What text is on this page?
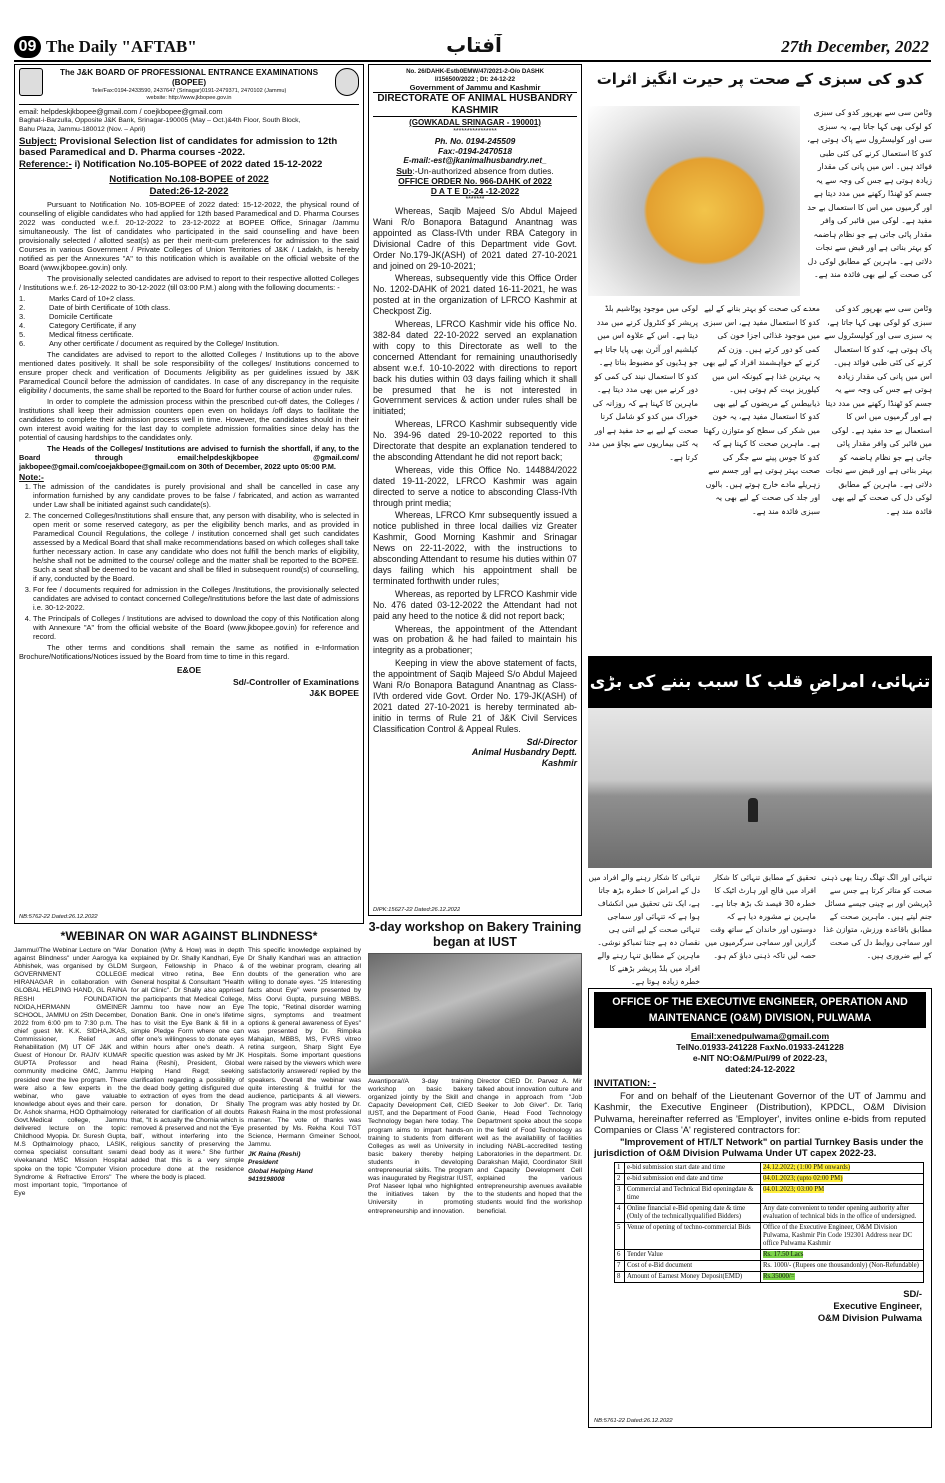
09 The Daily "AFTAB"	آفتاب	27th December, 2022
The J&K BOARD OF PROFESSIONAL ENTRANCE EXAMINATIONS
(BOPEE)
Tele/Fax:0194-2433590, 2437647 (Srinagar)0191-2479371, 2470102 (Jammu)
website: http://www.jkbopee.gov.in
email: helpdeskjkbopee@gmail.com / coejkbopee@gmail.com
Baghat-i-Barzulla, Opposite J&K Bank, Srinagar-190005 (May – Oct.)&4th Floor, South Block,
Bahu Plaza, Jammu-180012 (Nov. – April)
Subject: Provisional Selection list of candidates for admission to 12th based Paramedical and D. Pharma courses -2022.
Reference:- i) Notification No.105-BOPEE of 2022 dated 15-12-2022
Notification No.108-BOPEE of 2022
Dated:26-12-2022

Pursuant to Notification No. 105-BOPEE of 2022 dated: 15-12-2022, the physical round of counselling of eligible candidates who had applied for 12th based Paramedical and D. Pharma Courses 2022 was conducted w.e.f. 20-12-2022 to 23-12-2022 at BOPEE Office, Srinagar /Jammu simultaneously. The list of candidates who participated in the said counselling and have been provisionally selected / allotted seat(s) as per their merit-cum preferences for admission to the said Courses in various Government / Private Colleges of Union Territories of J&K / Ladakh, is hereby notified as per the Annexures "A" to this notification which is available on the official website of the Board (www.jkbopee.gov.in) only.

The provisionally selected candidates are advised to report to their respective allotted Colleges / Institutions w.e.f. 26-12-2022 to 30-12-2022 (till 03:00 P.M.) along with the following documents: -

1.	Marks Card of 10+2 class.
2.	Date of birth Certificate of 10th class.
3.	Domicile Certificate
4.	Category Certificate, if any
5.	Medical fitness certificate.
6.	Any other certificate / document as required by the College/ Institution.

The candidates are advised to report to the allotted Colleges / Institutions up to the above mentioned dates positively. It shall be sole responsibility of the colleges/ Institutions concerned to ensure proper check and verification of Documents /eligibility as per guidelines issued by J&K Paramedical Council before the admission of candidates. In case of any discrepancy in the requisite eligibility / documents, the same shall be reported to the Board for further course of action under rules.

In order to complete the admission process within the prescribed cut-off dates, the Colleges / Institutions shall keep their admission counters open even on holidays /off days to facilitate the candidates to complete their admission process well in time. However, the candidates should in their own interest avoid waiting for the last day to complete admission formalities since delay has the potential of causing hardships to the candidates only.

The Heads of the Colleges/ Institutions are advised to furnish the shortfall, if any, to the Board through email:helpdeskjkbopee @gmail.com/ jakbopee@gmail.com/coejakbopee@gmail.com on 30th of December, 2022 upto 05:00 P.M.

Note:-
1. The admission of the candidates is purely provisional and shall be cancelled in case any information furnished by any candidate proves to be false / fabricated, and action as warranted under Law shall be initiated against such candidate(s).
2. The concerned Colleges/Institutions shall ensure that, any person with disability, who is selected in open merit or some reserved category, as per the eligibility bench marks, and as provided in Paramedical Council Regulations, the college / institution concerned shall get such candidates assessed by a Medical Board that shall make recommendations based on which colleges shall take further necessary action. In case any candidate who does not fulfill the bench marks of eligibility, he/she shall not be admitted to the course/ college and the matter shall be reported to the BOPEE. Such a seat shall be deemed to be vacant and shall be filled in subsequent round(s) of counselling, if any, conducted by the Board.
3. For fee / documents required for admission in the Colleges /Institutions, the provisionally selected candidates are advised to contact concerned College/Institutions before the last date of admissions i.e. 30-12-2022.
4. The Principals of Colleges / Institutions are advised to download the copy of this Notification along with Annexure "A" from the official website of the Board (www.jkbopee.gov.in) for reference and record.

The other terms and conditions shall remain the same as notified in e-Information Brochure/Notifications/Notices issued by the Board from time to time in this regard.

E&OE
Sd/-Controller of Examinations
J&K BOPEE
NB:5762-22 Dated:26.12.2022
*WEBINAR ON WAR AGAINST BLINDNESS*
Jammu//The Webinar Lecture on "War against Blindness" under Aarogya ka Abhishek, was organised by GLDM GOVERNMENT COLLEGE HIRANAGAR in collaboration with GLOBAL HELPING HAND, GL RAINA RESHI FOUNDATION NOIDA,HERMANN GMEINER SCHOOL, JAMMU on 25th December, 2022 from 6:00 pm to 7:30 p.m. The chief guest Mr. K.K. SIDHA,JKAS, Commissioner, Relief and Rehabilitation (M) UT OF J&K and Guest of Honour Dr. RAJIV KUMAR GUPTA Professor and head community medicine GMC, Jammu presided over the live program. There were also a few experts in the webinar, who gave valuable knowledge about eyes and their care. Dr. Ashok sharma, HOD Opthalmology Govt.Medical college, Jammu delivered lecture on the topic: Childhood Myopia. Dr. Suresh Gupta, M.S Opthalmology phaco, LASIK, cornea specialist consultant swami vivekanand MSC Mission Hospital spoke on the topic "Computer Vision Syndrome & Refractive Errors" The most important topic, "Importance of Eye
Donation (Why & How) was in depth explained by Dr. Shally Kandhari, Eye Surgeon, Fellowship in Phaco & medical vitreo retina, Bee Enn General hospital & Consultant "Health for all Clinic". Dr Shally also apprised the participants that Medical College, Jammu too have now an Eye Donation Bank. One in one's lifetime has to visit the Eye Bank & fill in a simple Pledge Form where one can offer one's willingness to donate eyes within hours after one's death. A specific question was asked by Mr JK Raina (Reshi), President, Global Helping Hand Regd; seeking clarification regarding a possibility of the dead body getting disfigured due to extraction of eyes from the dead person for donation, Dr Shally reiterated for clarification of all doubts that, "It is actually the Chornia which is removed & preserved and not the 'Eye ball', without interfering into the religious sanctity of preserving the dead body as it were." She further added that this is a very simple procedure done at the residence where the body is placed.
This specific knowledge explained by Dr Shally Kandhari was an attraction of the webinar program, clearing all doubts of the generation who are willing to donate eyes. "25 Interesting facts about Eye" were presented by Miss Oorvi Gupta, pursuing MBBS. The topic, "Retinal disorder warning signs, symptoms and treatment options & general awareness of Eyes" was presented by Dr. Rimpika Mahajan, MBBS, MS, FVRS vitreo retina surgeon, Sharp Sight Eye Hospitals. Some important questions were raised by the viewers which were satisfactorily answered/ replied by the speakers. Overall the webinar was quite interesting & fruitful for the audience, participants & all viewers. The program was ably hosted by Dr. Rakesh Raina in the most professional manner. The vote of thanks was presented by Ms. Rekha Koul TGT Science, Hermann Gmeiner School, Jammu.
JK Raina (Reshi)
President
Global Helping Hand
9419198008
No. 26/DAHK-Estb0EMW/47/2021-2-O/o DASHK
I/156500/2022 ; Dt: 24-12-22
Government of Jammu and Kashmir
DIRECTORATE OF ANIMAL HUSBANDRY KASHMIR
(GOWKADAL SRINAGAR - 190001)
****************
Ph. No. 0194-245509
Fax:-0194-2470518
E-mail:-est@jkanimalhusbandry.net_
Sub:-Un-authorized absence from duties.
OFFICE ORDER No. 966-DAHK of 2022
D A T E D:-24 -12-2022
*******

Whereas, Saqib Majeed S/o Abdul Majeed Wani R/o Bonapora Batagund Anantnag was appointed as Class-IVth under RBA Category in Divisional Cadre of this Department vide Govt. Order No.179-JK(ASH) of 2021 dated 27-10-2021 and joined on 29-10-2021;

Whereas, subsequently vide this Office Order No. 1202-DAHK of 2021 dated 16-11-2021, he was posted at in the organization of LFRCO Kashmir at Checkpost Zig.

Whereas, LFRCO Kashmir vide his office No. 382-84 dated 22-10-2022 served an explanation with copy to this Directorate as well to the concerned Attendant for remaining unauthorisedly absent w.e.f. 10-10-2022 with directions to report back his duties within 03 days failing which it shall be presumed that he is not interested in Government services & action under rules shall be initiated;

Whereas, LFRCO Kashmir subsequently vide No. 394-96 dated 29-10-2022 reported to this Directorate that despite an explanation tendered to the absconding Attendant he did not report back;

Whereas, vide this Office No. 144884/2022 dated 19-11-2022, LFRCO Kashmir was again directed to serve a notice to absconding Class-IVth through print media;

Whereas, LFRCO Kmr subsequently issued a notice published in three local dailies viz Greater Kashmir, Good Morning Kashmir and Srinagar News on 22-11-2022, with the instructions to absconding Attendant to resume his duties within 07 days failing which his appointment shall be terminated forthwith under rules;

Whereas, as reported by LFRCO Kashmir vide No. 476 dated 03-12-2022 the Attendant had not paid any heed to the notice & did not report back;

Whereas, the appointment of the Attendant was on probation & he had failed to maintain his integrity as a probationer;

Keeping in view the above statement of facts, the appointment of Saqib Majeed S/o Abdul Majeed Wani R/o Bonapora Batagund Anantnag as Class-IVth ordered vide Govt. Order No. 179-JK(ASH) of 2021 dated 27-10-2021 is hereby terminated ab-initio in terms of Rule 21 of J&K Civil Services Classification Control & Appeal Rules.

Sd/-Director
Animal Husbandry Deptt.
Kashmir
DIPK:15627-22 Dated:26.12.2022
3-day workshop on Bakery Training began at IUST
Awantipora//A 3-day training workshop on basic bakery organized jointly by the Skill and Capacity Development Cell, CIED IUST, and the Department of Food Technology began here today. The program aims to impart hands-on training to students from different Colleges as well as University in basic bakery thereby helping students in developing entrepreneurial skills. The program was inaugurated by Registrar IUST, Prof Naseer Iqbal who highlighted the initiatives taken by the University in promoting entrepreneurship and innovation.
Director CIED Dr. Parvez A. Mir talked about innovation culture and change in approach from "Job Seeker to Job Giver". Dr. Tariq Ganie, Head Food Technology Department spoke about the scope in the field of Food Technology as well as the availability of facilities including NABL-accredited testing Laboratories in the department. Dr. Darakshan Majid, Coordinator Skill and Capacity Development Cell explained the various entrepreneurship avenues available to the students and hoped that the students would find the workshop beneficial.
کدو کی سبزی کے صحت پر حیرت انگیز اثرات
وٹامن سی سے بھرپور کدو کی سبزی کو لوکی بھی کہا جاتا ہے، یہ سبزی سی اور کولیسٹرول سے پاک ہوتی ہے، کدو کا استعمال کرنے کی کئی طبی فوائد ہیں۔ اس میں پانی کی مقدار زیادہ ہوتی ہے جس کی وجہ سے یہ جسم کو ٹھنڈا رکھنے میں مدد دیتا ہے اور گرمیوں میں اس کا استعمال بے حد مفید ہے۔ لوکی میں فائبر کی وافر مقدار پائی جاتی ہے جو نظام ہاضمہ کو بہتر بناتی ہے اور قبض سے نجات دلاتی ہے۔ ماہرین کے مطابق لوکی دل کی صحت کے لیے بھی فائدہ مند ہے۔
لوکی میں موجود پوٹاشیم بلڈ پریشر کو کنٹرول کرنے میں مدد دیتا ہے۔ اس کے علاوہ اس میں کیلشیم اور آئرن بھی پایا جاتا ہے جو ہڈیوں کو مضبوط بناتا ہے۔ کدو کا استعمال نیند کی کمی کو دور کرنے میں بھی مدد دیتا ہے۔ ماہرین کا کہنا ہے کہ روزانہ کی خوراک میں کدو کو شامل کرنا صحت کے لیے بے حد مفید ہے اور یہ کئی بیماریوں سے بچاؤ میں مدد کرتا ہے۔
معدے کی صحت کو بہتر بنانے کے لیے کدو کا استعمال مفید ہے، اس سبزی میں موجود غذائی اجزا خون کی کمی کو دور کرتے ہیں۔ وزن کم کرنے کے خواہشمند افراد کے لیے بھی یہ بہترین غذا ہے کیونکہ اس میں کیلوریز بہت کم ہوتی ہیں۔ ذیابیطس کے مریضوں کے لیے بھی کدو کا استعمال مفید ہے، یہ خون میں شکر کی سطح کو متوازن رکھتا ہے۔ ماہرین صحت کا کہنا ہے کہ کدو کا جوس پینے سے جگر کی صحت بہتر ہوتی ہے اور جسم سے زہریلے مادے خارج ہوتے ہیں۔ بالوں اور جلد کی صحت کے لیے بھی یہ سبزی فائدہ مند ہے۔
وٹامن سی سے بھرپور کدو کی سبزی کو لوکی بھی کہا جاتا ہے، یہ سبزی سی اور کولیسٹرول سے پاک ہوتی ہے، کدو کا استعمال کرنے کی کئی طبی فوائد ہیں۔ اس میں پانی کی مقدار زیادہ ہوتی ہے جس کی وجہ سے یہ جسم کو ٹھنڈا رکھنے میں مدد دیتا ہے اور گرمیوں میں اس کا استعمال بے حد مفید ہے۔ لوکی میں فائبر کی وافر مقدار پائی جاتی ہے جو نظام ہاضمہ کو بہتر بناتی ہے اور قبض سے نجات دلاتی ہے۔ ماہرین کے مطابق لوکی دل کی صحت کے لیے بھی فائدہ مند ہے۔
تنہائی، امراضِ قلب کا سبب بننے کی بڑی
تنہائی کا شکار رہنے والے افراد میں دل کے امراض کا خطرہ بڑھ جاتا ہے، ایک نئی تحقیق میں انکشاف ہوا ہے کہ تنہائی اور سماجی تنہائی صحت کے لیے اتنی ہی نقصان دہ ہے جتنا تمباکو نوشی۔ ماہرین کے مطابق تنہا رہنے والے افراد میں بلڈ پریشر بڑھنے کا خطرہ زیادہ ہوتا ہے۔
تحقیق کے مطابق تنہائی کا شکار افراد میں فالج اور ہارٹ اٹیک کا خطرہ 30 فیصد تک بڑھ جاتا ہے۔ ماہرین نے مشورہ دیا ہے کہ دوستوں اور خاندان کے ساتھ وقت گزاریں اور سماجی سرگرمیوں میں حصہ لیں تاکہ ذہنی دباؤ کم ہو۔
تنہائی اور الگ تھلگ رہنا بھی ذہنی صحت کو متاثر کرتا ہے جس سے ڈپریشن اور بے چینی جیسے مسائل جنم لیتے ہیں۔ ماہرین صحت کے مطابق باقاعدہ ورزش، متوازن غذا اور سماجی روابط دل کی صحت کے لیے ضروری ہیں۔
OFFICE OF THE EXECUTIVE ENGINEER, OPERATION AND MAINTENANCE (O&M) DIVISION, PULWAMA
Email:xenedpulwama@gmail.com
TelNo.01933-241228 FaxNo.01933-241228
e-NIT NO:O&M/Pul/99 of 2022-23,
dated:24-12-2022
INVITATION: -
For and on behalf of the Lieutenant Governor of the UT of Jammu and Kashmir, the Executive Engineer (Distribution), KPDCL, O&M Division Pulwama, hereinafter referred as 'Employer', invites online e-bids from reputed Companies or Class 'A' registered contractors for:
"Improvement of HT/LT Network" on partial Turnkey Basis under the jurisdiction of O&M Division Pulwama Under UT capex 2022-23.
1	e-bid submission start date and time	24.12.2022; (1:00 PM onwards)
2	e-bid submission end date and time	04.01.2023; (upto 02:00 PM)
3	Commercial and Technical Bid openingdate & time	04.01.2023; 03:00 PM
4	Online financial e-Bid opening date & time (Only of the technicallyqualified Bidders)	Any date convenient to tender opening authority after evaluation of technical bids in the office of undersigned.
5	Venue of opening of techno-commercial Bids	Office of the Executive Engineer, O&M Division Pulwama, Kashmir Pin Code 192301 Address near DC office Pulwama Kashmir
6	Tender Value	Rs. 17.50 Lacs
7	Cost of e-Bid document	Rs. 1000/- (Rupees one thousandonly) (Non-Refundable)
8	Amount of Earnest Money Deposit(EMD)	Rs.35000/=
SD/-
Executive Engineer,
O&M Division Pulwama
NB:5761-22 Dated:26.12.2022
